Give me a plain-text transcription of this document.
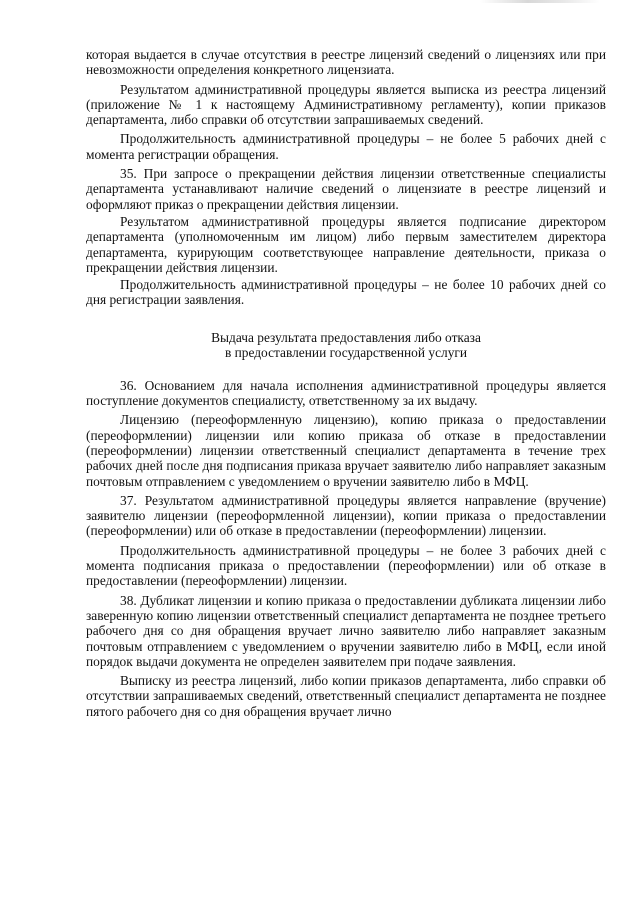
которая выдается в случае отсутствия в реестре лицензий сведений о лицензиях или при невозможности определения конкретного лицензиата.

Результатом административной процедуры является выписка из реестра лицензий (приложение № 1 к настоящему Административному регламенту), копии приказов департамента, либо справки об отсутствии запрашиваемых сведений.

Продолжительность административной процедуры – не более 5 рабочих дней с момента регистрации обращения.

35. При запросе о прекращении действия лицензии ответственные специалисты департамента устанавливают наличие сведений о лицензиате в реестре лицензий и оформляют приказ о прекращении действия лицензии.

Результатом административной процедуры является подписание директором департамента (уполномоченным им лицом) либо первым заместителем директора департамента, курирующим соответствующее направление деятельности, приказа о прекращении действия лицензии.

Продолжительность административной процедуры – не более 10 рабочих дней со дня регистрации заявления.

Выдача результата предоставления либо отказа
в предоставлении государственной услуги

36. Основанием для начала исполнения административной процедуры является поступление документов специалисту, ответственному за их выдачу.

Лицензию (переоформленную лицензию), копию приказа о предоставлении (переоформлении) лицензии или копию приказа об отказе в предоставлении (переоформлении) лицензии ответственный специалист департамента в течение трех рабочих дней после дня подписания приказа вручает заявителю либо направляет заказным почтовым отправлением с уведомлением о вручении заявителю либо в МФЦ.

37. Результатом административной процедуры является направление (вручение) заявителю лицензии (переоформленной лицензии), копии приказа о предоставлении (переоформлении) или об отказе в предоставлении (переоформлении) лицензии.

Продолжительность административной процедуры – не более 3 рабочих дней с момента подписания приказа о предоставлении (переоформлении) или об отказе в предоставлении (переоформлении) лицензии.

38. Дубликат лицензии и копию приказа о предоставлении дубликата лицензии либо заверенную копию лицензии ответственный специалист департамента не позднее третьего рабочего дня со дня обращения вручает лично заявителю либо направляет заказным почтовым отправлением с уведомлением о вручении заявителю либо в МФЦ, если иной порядок выдачи документа не определен заявителем при подаче заявления.

Выписку из реестра лицензий, либо копии приказов департамента, либо справки об отсутствии запрашиваемых сведений, ответственный специалист департамента не позднее пятого рабочего дня со дня обращения вручает лично
